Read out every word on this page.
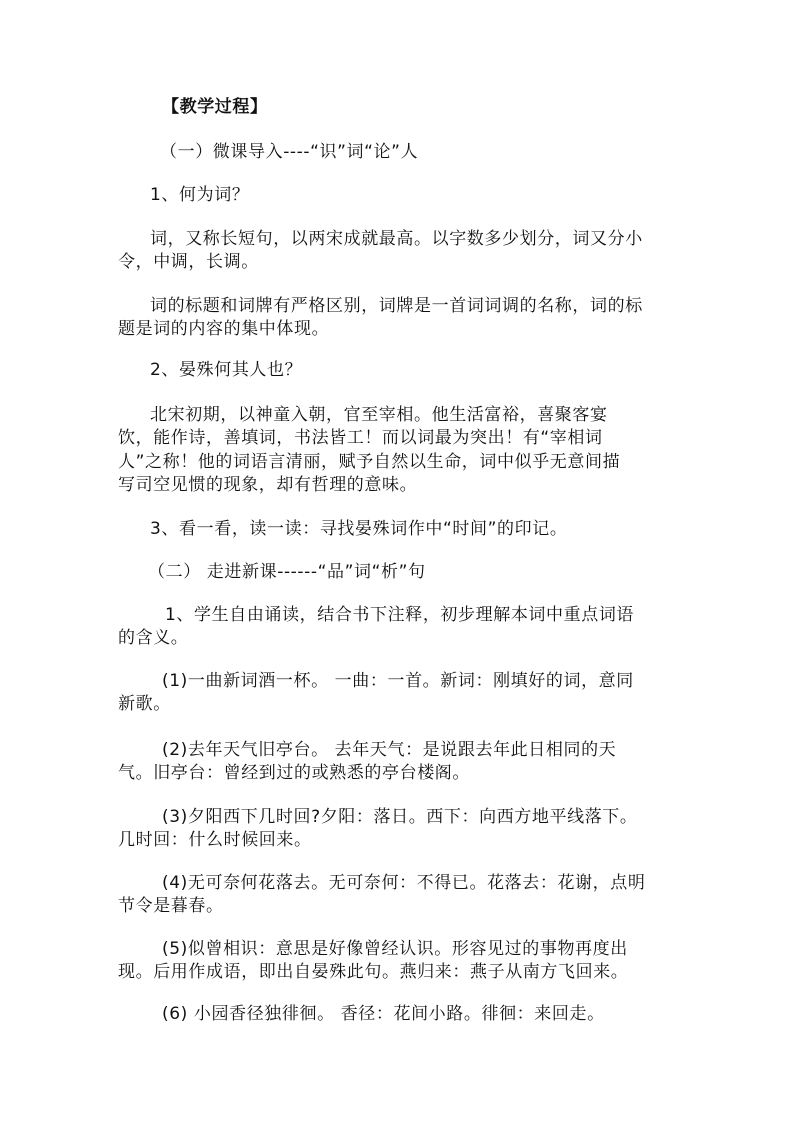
【教学过程】
（一）微课导入----“识”词“论”人
1、何为词？
词，又称长短句，以两宋成就最高。以字数多少划分，词又分小
令，中调，长调。
词的标题和词牌有严格区别，词牌是一首词词调的名称，词的标
题是词的内容的集中体现。
2、晏殊何其人也？
北宋初期，以神童入朝，官至宰相。他生活富裕，喜聚客宴
饮，能作诗，善填词，书法皆工！而以词最为突出！有“宰相词
人”之称！他的词语言清丽，赋予自然以生命，词中似乎无意间描
写司空见惯的现象，却有哲理的意味。
3、看一看，读一读：寻找晏殊词作中“时间”的印记。
（二） 走进新课------“品”词“析”句
1、学生自由诵读，结合书下注释，初步理解本词中重点词语
的含义。
(1)一曲新词酒一杯。 一曲：一首。新词：刚填好的词，意同
新歌。
(2)去年天气旧亭台。 去年天气：是说跟去年此日相同的天
气。旧亭台：曾经到过的或熟悉的亭台楼阁。
(3)夕阳西下几时回?夕阳：落日。西下：向西方地平线落下。
几时回：什么时候回来。
(4)无可奈何花落去。无可奈何：不得已。花落去：花谢，点明
节令是暮春。
(5)似曾相识：意思是好像曾经认识。形容见过的事物再度出
现。后用作成语，即出自晏殊此句。燕归来：燕子从南方飞回来。
(6) 小园香径独徘徊。 香径：花间小路。徘徊：来回走。
